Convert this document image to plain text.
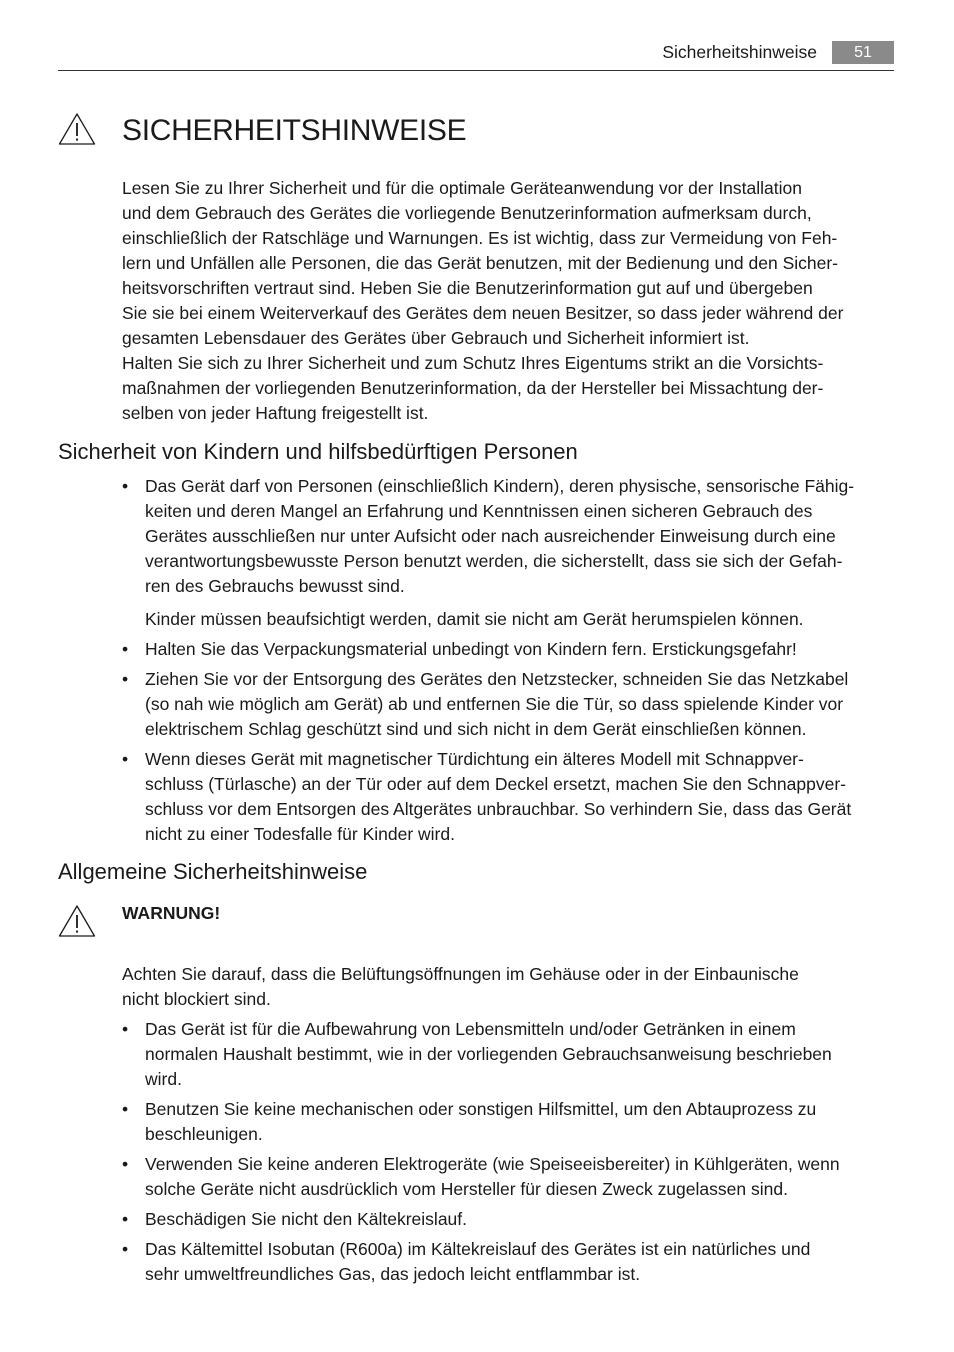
Sicherheitshinweise	51
SICHERHEITSHINWEISE
Lesen Sie zu Ihrer Sicherheit und für die optimale Geräteanwendung vor der Installation
und dem Gebrauch des Gerätes die vorliegende Benutzerinformation aufmerksam durch,
einschließlich der Ratschläge und Warnungen. Es ist wichtig, dass zur Vermeidung von Feh-
lern und Unfällen alle Personen, die das Gerät benutzen, mit der Bedienung und den Sicher-
heitsvorschriften vertraut sind. Heben Sie die Benutzerinformation gut auf und übergeben
Sie sie bei einem Weiterverkauf des Gerätes dem neuen Besitzer, so dass jeder während der
gesamten Lebensdauer des Gerätes über Gebrauch und Sicherheit informiert ist.
Halten Sie sich zu Ihrer Sicherheit und zum Schutz Ihres Eigentums strikt an die Vorsichts-
maßnahmen der vorliegenden Benutzerinformation, da der Hersteller bei Missachtung der-
selben von jeder Haftung freigestellt ist.
Sicherheit von Kindern und hilfsbedürftigen Personen
• Das Gerät darf von Personen (einschließlich Kindern), deren physische, sensorische Fähig-
keiten und deren Mangel an Erfahrung und Kenntnissen einen sicheren Gebrauch des
Gerätes ausschließen nur unter Aufsicht oder nach ausreichender Einweisung durch eine
verantwortungsbewusste Person benutzt werden, die sicherstellt, dass sie sich der Gefah-
ren des Gebrauchs bewusst sind.
Kinder müssen beaufsichtigt werden, damit sie nicht am Gerät herumspielen können.
• Halten Sie das Verpackungsmaterial unbedingt von Kindern fern. Erstickungsgefahr!
• Ziehen Sie vor der Entsorgung des Gerätes den Netzstecker, schneiden Sie das Netzkabel
(so nah wie möglich am Gerät) ab und entfernen Sie die Tür, so dass spielende Kinder vor
elektrischem Schlag geschützt sind und sich nicht in dem Gerät einschließen können.
• Wenn dieses Gerät mit magnetischer Türdichtung ein älteres Modell mit Schnappver-
schluss (Türlasche) an der Tür oder auf dem Deckel ersetzt, machen Sie den Schnappver-
schluss vor dem Entsorgen des Altgerätes unbrauchbar. So verhindern Sie, dass das Gerät
nicht zu einer Todesfalle für Kinder wird.
Allgemeine Sicherheitshinweise
WARNUNG!
Achten Sie darauf, dass die Belüftungsöffnungen im Gehäuse oder in der Einbaunische
nicht blockiert sind.
• Das Gerät ist für die Aufbewahrung von Lebensmitteln und/oder Getränken in einem
normalen Haushalt bestimmt, wie in der vorliegenden Gebrauchsanweisung beschrieben
wird.
• Benutzen Sie keine mechanischen oder sonstigen Hilfsmittel, um den Abtauprozess zu
beschleunigen.
• Verwenden Sie keine anderen Elektrogeräte (wie Speiseeisbereiter) in Kühlgeräten, wenn
solche Geräte nicht ausdrücklich vom Hersteller für diesen Zweck zugelassen sind.
• Beschädigen Sie nicht den Kältekreislauf.
• Das Kältemittel Isobutan (R600a) im Kältekreislauf des Gerätes ist ein natürliches und
sehr umweltfreundliches Gas, das jedoch leicht entflammbar ist.
